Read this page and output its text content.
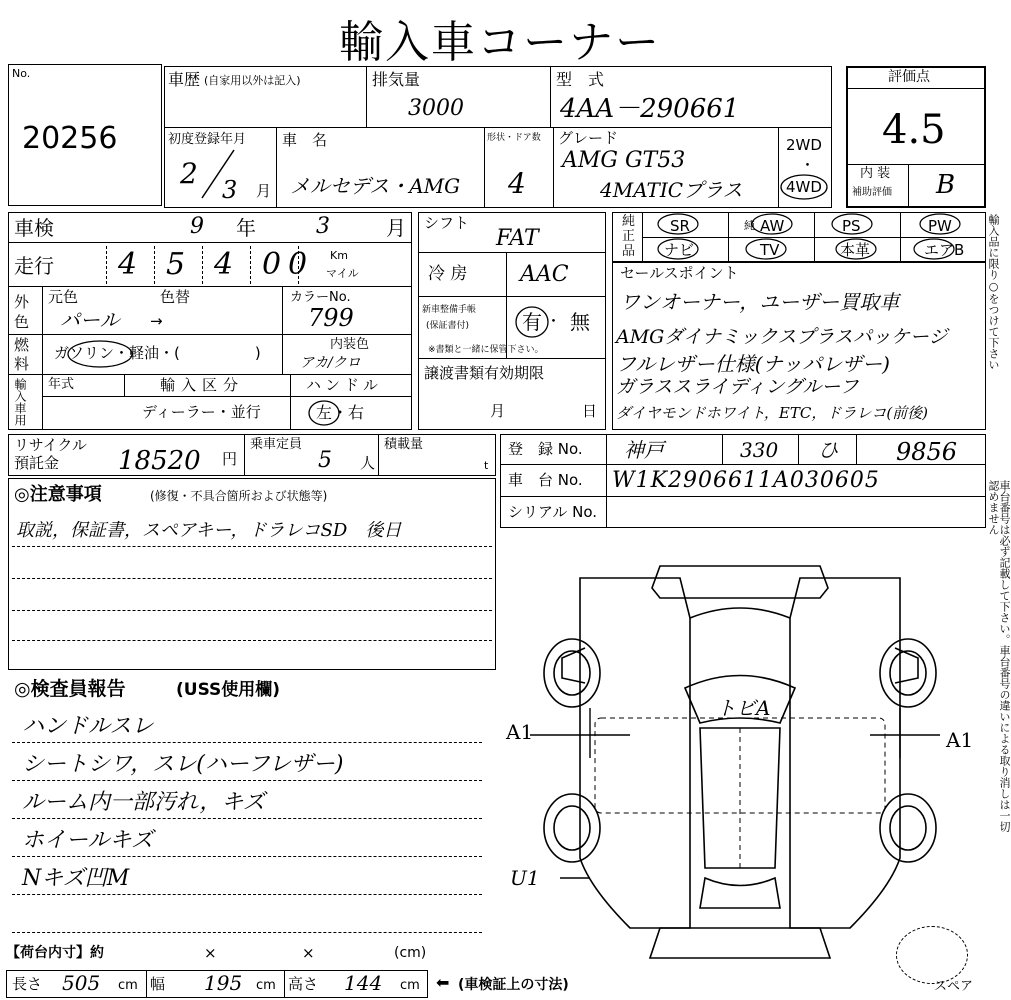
輸入車コーナー
No.
20256
車歴 (自家用以外は記入)	排気量
3000
型　式
4AA－290661
初度登録年月
2 3 月
車　名
メルセデス・AMG
形状・ドア数
4
グレード
AMG GT53
4MATICプラス
2WD
・
4WD
評価点
4.5
内 装
補助評価 B
車検	9 年	3	月
走行 4 5 4 0 0 Km
マイル
外色
元色	色替
パール →
カラーNo.
799
内装色
アカ/クロ
燃料
ガソリン・軽油・(　　　　　)
輸入車用 年式	輸入区分
ディーラー・並行
ハンドル
左・右
シフト
FAT
冷 房 AAC
新車整備手帳
(保証書付)	有 ・ 無
※書類と一緒に保管下さい。
譲渡書類有効期限
月	日
純正品
SR	AW	PS	PW
ナビ	TV	本革	エアB
純
セールスポイント
ワンオーナー，ユーザー買取車
AMGダイナミックスプラスパッケージ
フルレザー仕様(ナッパレザー)
ガラススライディングルーフ
ダイヤモンドホワイト，ETC，ドラレコ(前後)
リサイクル
預託金 18520 円
乗車定員
5 人
積載量
t
登　録 No. 神戸	330 ひ 9856
車　台 No. W1K2906611A030605
シリアル No.
◎注意事項	(修復・不具合箇所および状態等)
取説，保証書，スペアキー，ドラレコSD　後日
◎検査員報告	(USS使用欄)
ハンドルスレ
シートシワ，スレ(ハーフレザー)
ルーム内一部汚れ，キズ
ホイールキズ
Nキズ凹M
トビA
A1	A1
U1
【荷台内寸】約	×	×	(cm)
長さ 505 cm 幅 195 cm 高さ 144 cm ⬅ (車検証上の寸法)	スペア
輸入品に限り○をつけて下さい
車台番号は必ず記載して下さい。車台番号の違いによる取り消しは一切認めません
